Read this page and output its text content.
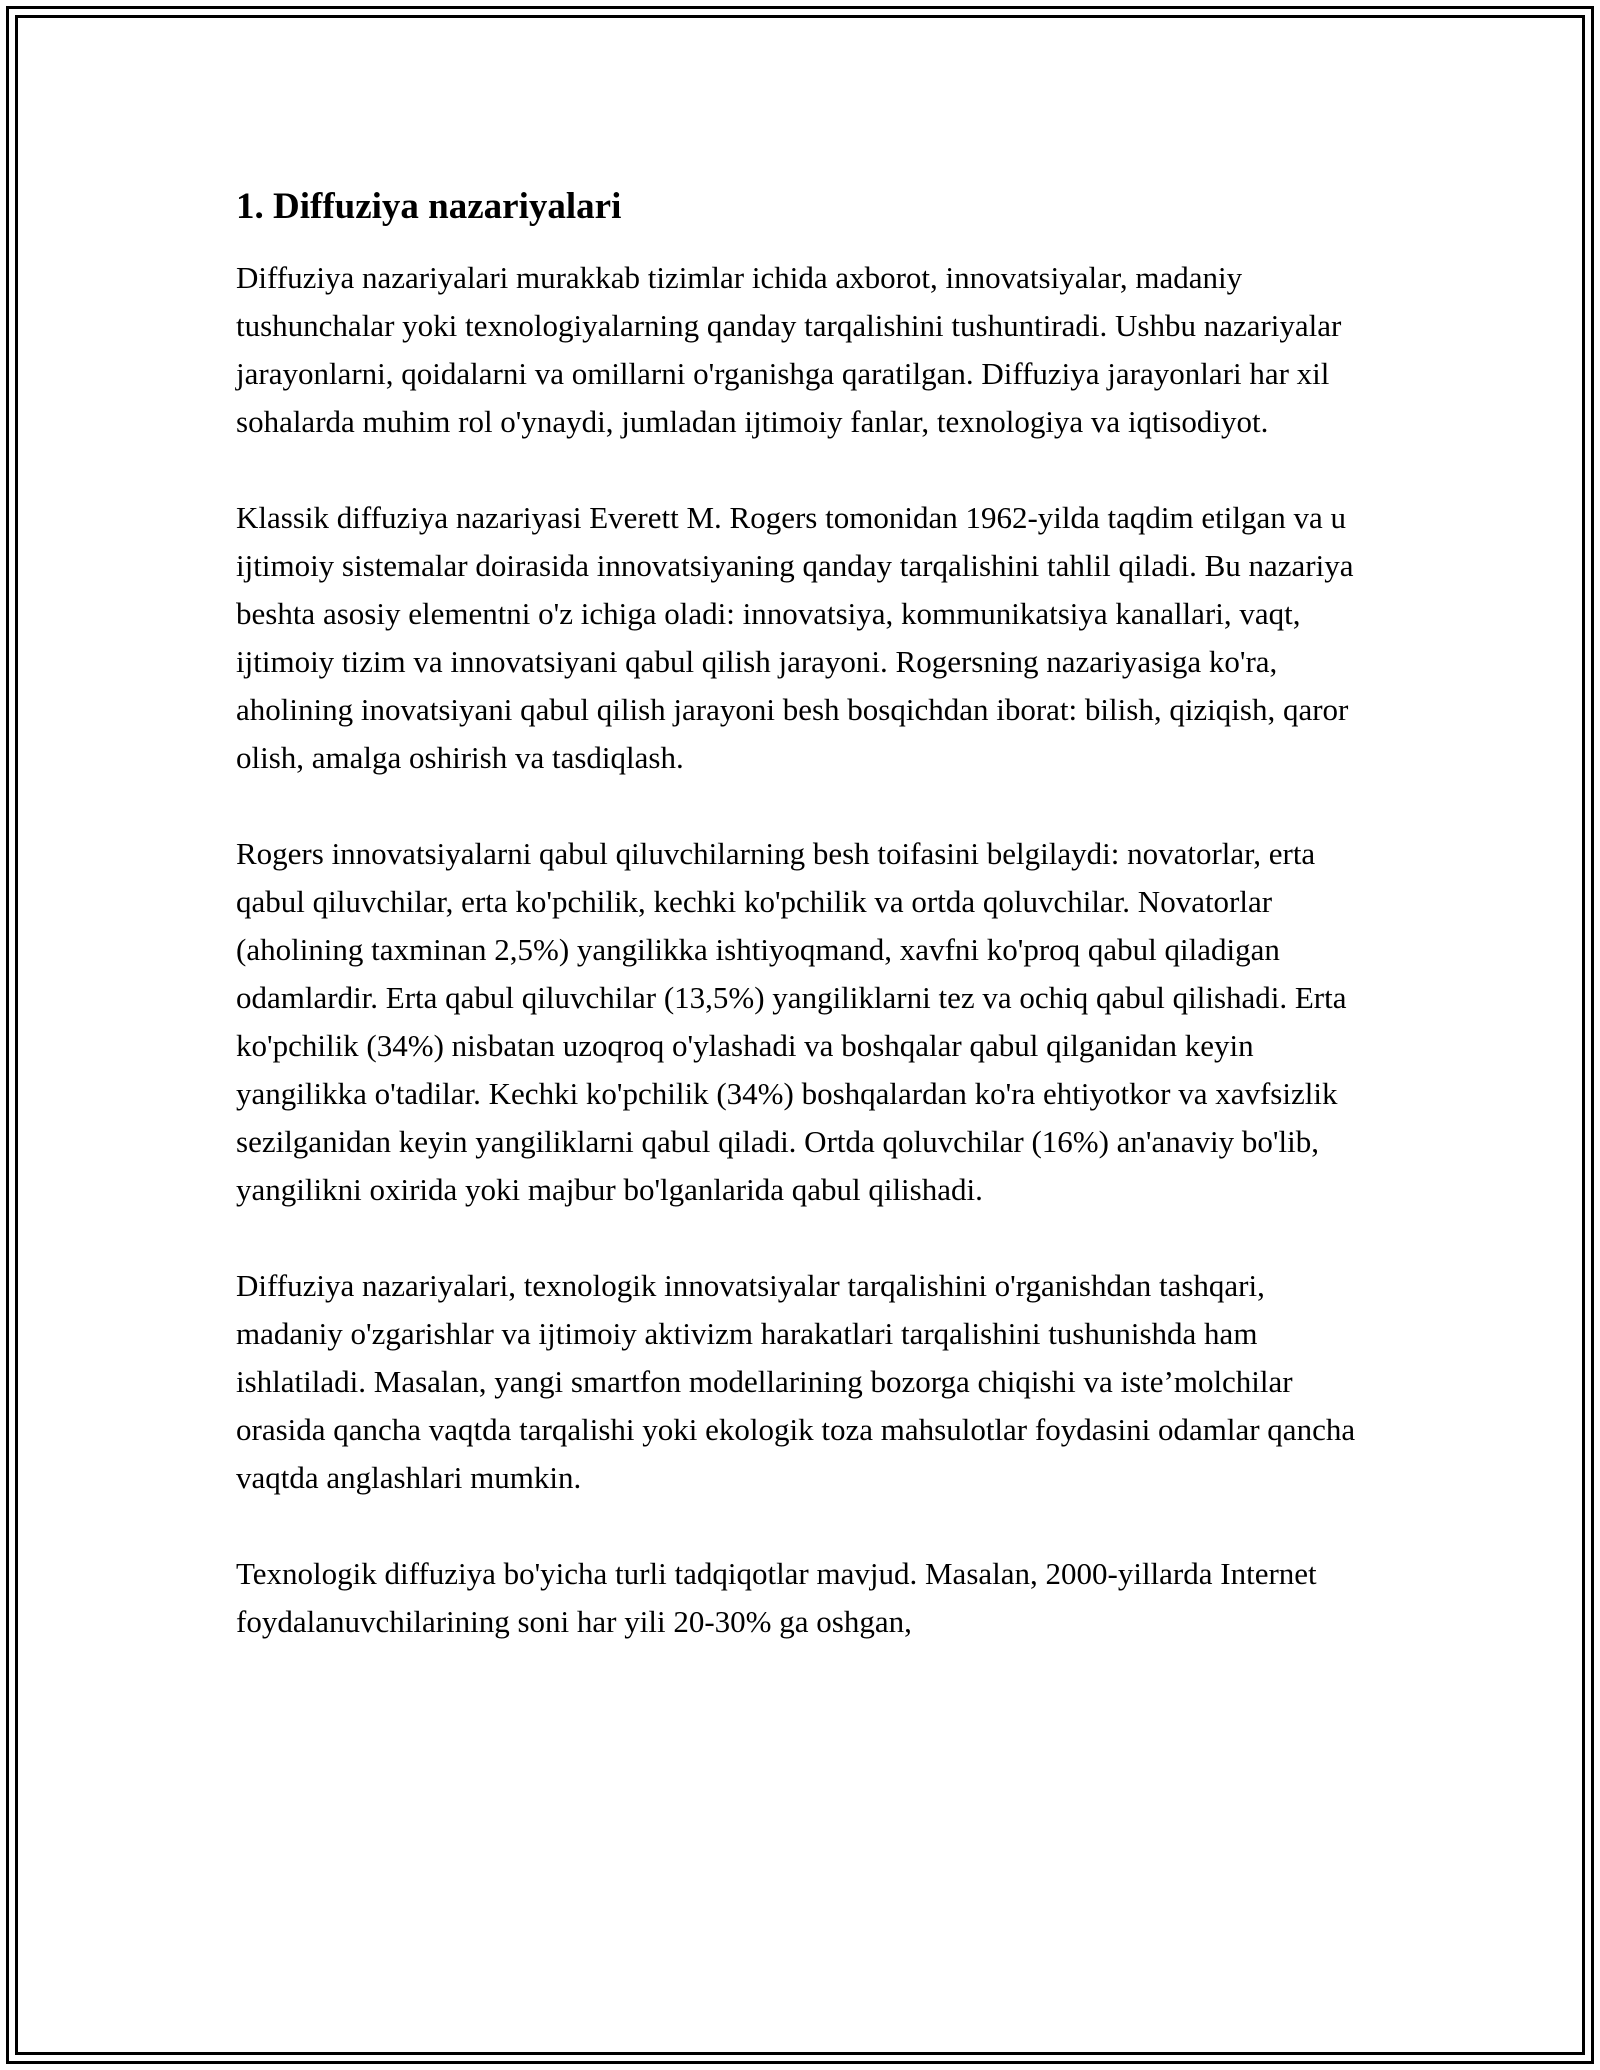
1. Diffuziya nazariyalari

Diffuziya nazariyalari murakkab tizimlar ichida axborot, innovatsiyalar, madaniy tushunchalar yoki texnologiyalarning qanday tarqalishini tushuntiradi. Ushbu nazariyalar jarayonlarni, qoidalarni va omillarni o'rganishga qaratilgan. Diffuziya jarayonlari har xil sohalarda muhim rol o'ynaydi, jumladan ijtimoiy fanlar, texnologiya va iqtisodiyot.

Klassik diffuziya nazariyasi Everett M. Rogers tomonidan 1962-yilda taqdim etilgan va u ijtimoiy sistemalar doirasida innovatsiyaning qanday tarqalishini tahlil qiladi. Bu nazariya beshta asosiy elementni o'z ichiga oladi: innovatsiya, kommunikatsiya kanallari, vaqt, ijtimoiy tizim va innovatsiyani qabul qilish jarayoni. Rogersning nazariyasiga ko'ra, aholining inovatsiyani qabul qilish jarayoni besh bosqichdan iborat: bilish, qiziqish, qaror olish, amalga oshirish va tasdiqlash.

Rogers innovatsiyalarni qabul qiluvchilarning besh toifasini belgilaydi: novatorlar, erta qabul qiluvchilar, erta ko'pchilik, kechki ko'pchilik va ortda qoluvchilar. Novatorlar (aholining taxminan 2,5%) yangilikka ishtiyoqmand, xavfni ko'proq qabul qiladigan odamlardir. Erta qabul qiluvchilar (13,5%) yangiliklarni tez va ochiq qabul qilishadi. Erta ko'pchilik (34%) nisbatan uzoqroq o'ylashadi va boshqalar qabul qilganidan keyin yangilikka o'tadilar. Kechki ko'pchilik (34%) boshqalardan ko'ra ehtiyotkor va xavfsizlik sezilganidan keyin yangiliklarni qabul qiladi. Ortda qoluvchilar (16%) an'anaviy bo'lib, yangilikni oxirida yoki majbur bo'lganlarida qabul qilishadi.

Diffuziya nazariyalari, texnologik innovatsiyalar tarqalishini o'rganishdan tashqari, madaniy o'zgarishlar va ijtimoiy aktivizm harakatlari tarqalishini tushunishda ham ishlatiladi. Masalan, yangi smartfon modellarining bozorga chiqishi va iste’molchilar orasida qancha vaqtda tarqalishi yoki ekologik toza mahsulotlar foydasini odamlar qancha vaqtda anglashlari mumkin.

Texnologik diffuziya bo'yicha turli tadqiqotlar mavjud. Masalan, 2000-yillarda Internet foydalanuvchilarining soni har yili 20-30% ga oshgan,
